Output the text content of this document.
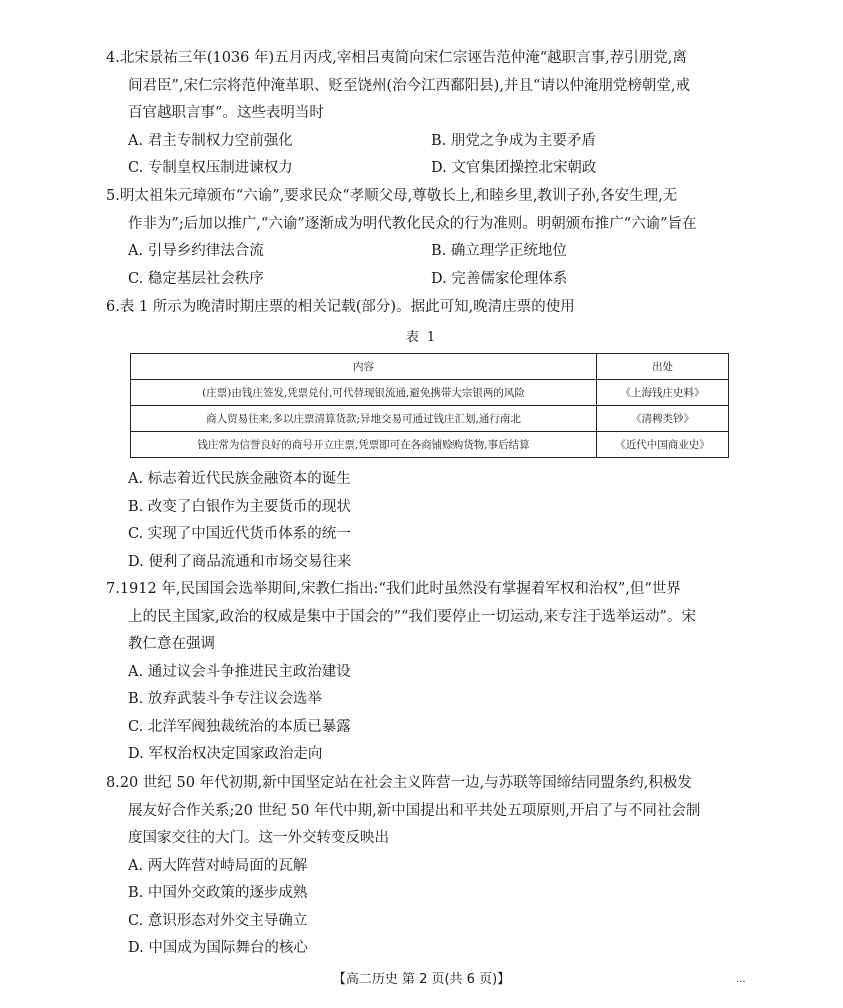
4.北宋景祐三年(1036 年)五月丙戌,宰相吕夷简向宋仁宗诬告范仲淹“越职言事,荐引朋党,离
间君臣”,宋仁宗将范仲淹革职、贬至饶州(治今江西鄱阳县),并且“请以仲淹朋党榜朝堂,戒
百官越职言事”。这些表明当时

A. 君主专制权力空前强化	B. 朋党之争成为主要矛盾
C. 专制皇权压制进谏权力	D. 文官集团操控北宋朝政

5.明太祖朱元璋颁布“六谕”,要求民众“孝顺父母,尊敬长上,和睦乡里,教训子孙,各安生理,无
作非为”;后加以推广,“六谕”逐渐成为明代教化民众的行为准则。明朝颁布推广“六谕”旨在

A. 引导乡约律法合流	B. 确立理学正统地位
C. 稳定基层社会秩序	D. 完善儒家伦理体系

6.表 1 所示为晚清时期庄票的相关记载(部分)。据此可知,晚清庄票的使用

表 1
内容	出处
(庄票)由钱庄签发,凭票兑付,可代替现银流通,避免携带大宗银两的风险	《上海钱庄史料》
商人贸易往来,多以庄票清算货款;异地交易可通过钱庄汇划,通行南北	《清稗类钞》
钱庄常为信誉良好的商号开立庄票,凭票即可在各商铺赊购货物,事后结算	《近代中国商业史》
A. 标志着近代民族金融资本的诞生
B. 改变了白银作为主要货币的现状
C. 实现了中国近代货币体系的统一
D. 便利了商品流通和市场交易往来

7.1912 年,民国国会选举期间,宋教仁指出:“我们此时虽然没有掌握着军权和治权”,但“世界
上的民主国家,政治的权威是集中于国会的”“我们要停止一切运动,来专注于选举运动”。宋
教仁意在强调

A. 通过议会斗争推进民主政治建设
B. 放弃武装斗争专注议会选举
C. 北洋军阀独裁统治的本质已暴露
D. 军权治权决定国家政治走向

8.20 世纪 50 年代初期,新中国坚定站在社会主义阵营一边,与苏联等国缔结同盟条约,积极发
展友好合作关系;20 世纪 50 年代中期,新中国提出和平共处五项原则,开启了与不同社会制
度国家交往的大门。这一外交转变反映出

A. 两大阵营对峙局面的瓦解
B. 中国外交政策的逐步成熟
C. 意识形态对外交主导确立
D. 中国成为国际舞台的核心
【高二历史 第 2 页(共 6 页)】	...
